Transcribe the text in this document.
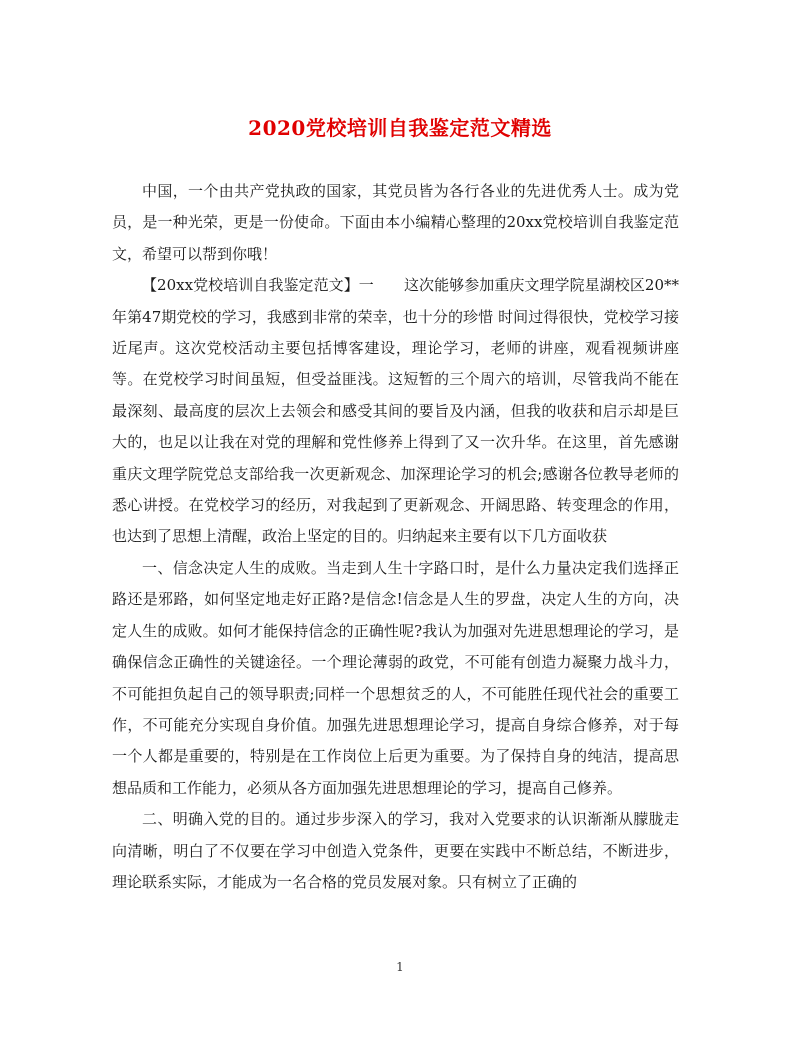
2020党校培训自我鉴定范文精选

中国，一个由共产党执政的国家，其党员皆为各行各业的先进优秀人士。成为党员，是一种光荣，更是一份使命。下面由本小编精心整理的20xx党校培训自我鉴定范文，希望可以帮到你哦！

【20xx党校培训自我鉴定范文】一　　这次能够参加重庆文理学院星湖校区20**年第47期党校的学习，我感到非常的荣幸，也十分的珍惜 时间过得很快，党校学习接近尾声。这次党校活动主要包括博客建设，理论学习，老师的讲座，观看视频讲座等。在党校学习时间虽短，但受益匪浅。这短暂的三个周六的培训，尽管我尚不能在最深刻、最高度的层次上去领会和感受其间的要旨及内涵，但我的收获和启示却是巨大的，也足以让我在对党的理解和党性修养上得到了又一次升华。在这里，首先感谢重庆文理学院党总支部给我一次更新观念、加深理论学习的机会;感谢各位教导老师的悉心讲授。在党校学习的经历，对我起到了更新观念、开阔思路、转变理念的作用，也达到了思想上清醒，政治上坚定的目的。归纳起来主要有以下几方面收获

一、信念决定人生的成败。当走到人生十字路口时，是什么力量决定我们选择正路还是邪路，如何坚定地走好正路?是信念!信念是人生的罗盘，决定人生的方向，决定人生的成败。如何才能保持信念的正确性呢?我认为加强对先进思想理论的学习，是确保信念正确性的关键途径。一个理论薄弱的政党，不可能有创造力凝聚力战斗力，不可能担负起自己的领导职责;同样一个思想贫乏的人，不可能胜任现代社会的重要工作，不可能充分实现自身价值。加强先进思想理论学习，提高自身综合修养，对于每一个人都是重要的，特别是在工作岗位上后更为重要。为了保持自身的纯洁，提高思想品质和工作能力，必须从各方面加强先进思想理论的学习，提高自己修养。

二、明确入党的目的。通过步步深入的学习，我对入党要求的认识渐渐从朦胧走向清晰，明白了不仅要在学习中创造入党条件，更要在实践中不断总结，不断进步，理论联系实际，才能成为一名合格的党员发展对象。只有树立了正确的

1
